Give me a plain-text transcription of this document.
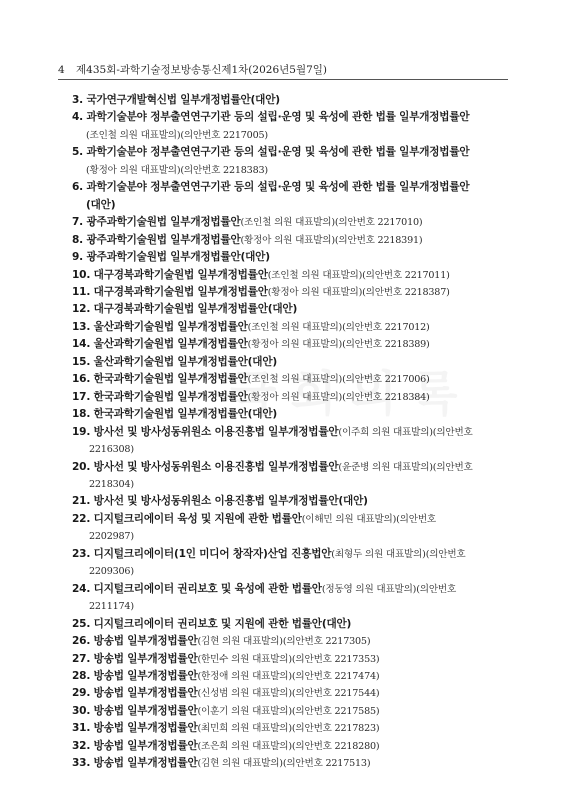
4 제435회-과학기술정보방송통신제1차(2026년5월7일)
3. 국가연구개발혁신법 일부개정법률안(대안)
4. 과학기술분야 정부출연연구기관 등의 설립·운영 및 육성에 관한 법률 일부개정법률안
(조인철 의원 대표발의)(의안번호 2217005)
5. 과학기술분야 정부출연연구기관 등의 설립·운영 및 육성에 관한 법률 일부개정법률안
(황정아 의원 대표발의)(의안번호 2218383)
6. 과학기술분야 정부출연연구기관 등의 설립·운영 및 육성에 관한 법률 일부개정법률안
(대안)
7. 광주과학기술원법 일부개정법률안(조인철 의원 대표발의)(의안번호 2217010)
8. 광주과학기술원법 일부개정법률안(황정아 의원 대표발의)(의안번호 2218391)
9. 광주과학기술원법 일부개정법률안(대안)
10. 대구경북과학기술원법 일부개정법률안(조인철 의원 대표발의)(의안번호 2217011)
11. 대구경북과학기술원법 일부개정법률안(황정아 의원 대표발의)(의안번호 2218387)
12. 대구경북과학기술원법 일부개정법률안(대안)
13. 울산과학기술원법 일부개정법률안(조인철 의원 대표발의)(의안번호 2217012)
14. 울산과학기술원법 일부개정법률안(황정아 의원 대표발의)(의안번호 2218389)
15. 울산과학기술원법 일부개정법률안(대안)
16. 한국과학기술원법 일부개정법률안(조인철 의원 대표발의)(의안번호 2217006)
17. 한국과학기술원법 일부개정법률안(황정아 의원 대표발의)(의안번호 2218384)
18. 한국과학기술원법 일부개정법률안(대안)
19. 방사선 및 방사성동위원소 이용진흥법 일부개정법률안(이주희 의원 대표발의)(의안번호
2216308)
20. 방사선 및 방사성동위원소 이용진흥법 일부개정법률안(윤준병 의원 대표발의)(의안번호
2218304)
21. 방사선 및 방사성동위원소 이용진흥법 일부개정법률안(대안)
22. 디지털크리에이터 육성 및 지원에 관한 법률안(이해민 의원 대표발의)(의안번호
2202987)
23. 디지털크리에이터(1인 미디어 창작자)산업 진흥법안(최형두 의원 대표발의)(의안번호
2209306)
24. 디지털크리에이터 권리보호 및 육성에 관한 법률안(정동영 의원 대표발의)(의안번호
2211174)
25. 디지털크리에이터 권리보호 및 지원에 관한 법률안(대안)
26. 방송법 일부개정법률안(김현 의원 대표발의)(의안번호 2217305)
27. 방송법 일부개정법률안(한민수 의원 대표발의)(의안번호 2217353)
28. 방송법 일부개정법률안(한정애 의원 대표발의)(의안번호 2217474)
29. 방송법 일부개정법률안(신성범 의원 대표발의)(의안번호 2217544)
30. 방송법 일부개정법률안(이훈기 의원 대표발의)(의안번호 2217585)
31. 방송법 일부개정법률안(최민희 의원 대표발의)(의안번호 2217823)
32. 방송법 일부개정법률안(조은희 의원 대표발의)(의안번호 2218280)
33. 방송법 일부개정법률안(김현 의원 대표발의)(의안번호 2217513)
